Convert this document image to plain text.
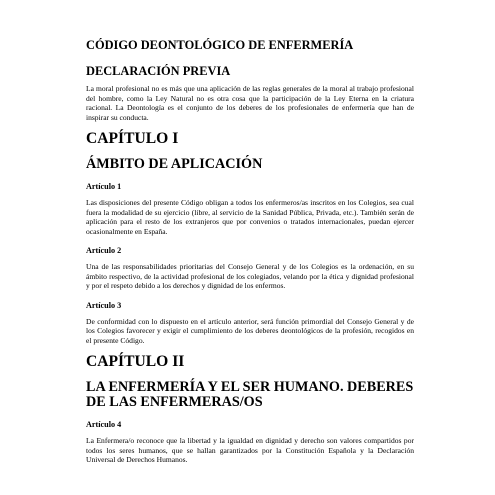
CÓDIGO DEONTOLÓGICO DE ENFERMERÍA
DECLARACIÓN PREVIA

La moral profesional no es más que una aplicación de las reglas generales de la moral al trabajo profesional del hombre, como la Ley Natural no es otra cosa que la participación de la Ley Eterna en la criatura racional. La Deontología es el conjunto de los deberes de los profesionales de enfermería que han de inspirar su conducta.

CAPÍTULO I
ÁMBITO DE APLICACIÓN
Artículo 1

Las disposiciones del presente Código obligan a todos los enfermeros/as inscritos en los Colegios, sea cual fuera la modalidad de su ejercicio (libre, al servicio de la Sanidad Pública, Privada, etc.). También serán de aplicación para el resto de los extranjeros que por convenios o tratados internacionales, puedan ejercer ocasionalmente en España.

Artículo 2

Una de las responsabilidades prioritarias del Consejo General y de los Colegios es la ordenación, en su ámbito respectivo, de la actividad profesional de los colegiados, velando por la ética y dignidad profesional y por el respeto debido a los derechos y dignidad de los enfermos.

Artículo 3

De conformidad con lo dispuesto en el artículo anterior, será función primordial del Consejo General y de los Colegios favorecer y exigir el cumplimiento de los deberes deontológicos de la profesión, recogidos en el presente Código.

CAPÍTULO II
LA ENFERMERÍA Y EL SER HUMANO. DEBERES DE LAS ENFERMERAS/OS
Artículo 4

La Enfermera/o reconoce que la libertad y la igualdad en dignidad y derecho son valores compartidos por todos los seres humanos, que se hallan garantizados por la Constitución Española y la Declaración Universal de Derechos Humanos.
